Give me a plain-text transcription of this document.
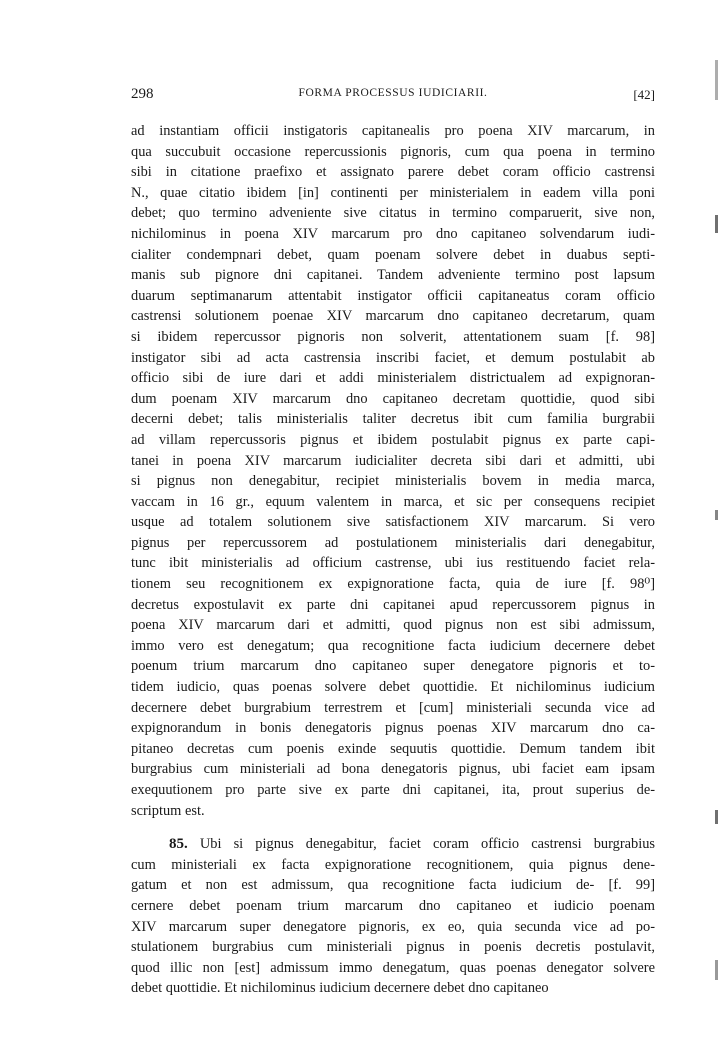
298	FORMA PROCESSUS IUDICIARII.	[42]
ad instantiam officii instigatoris capitanealis pro poena XIV marcarum, in
qua succubuit occasione repercussionis pignoris, cum qua poena in termino
sibi in citatione praefixo et assignato parere debet coram officio castrensi
N., quae citatio ibidem [in] continenti per ministerialem in eadem villa poni
debet; quo termino adveniente sive citatus in termino comparuerit, sive non,
nichilominus in poena XIV marcarum pro dno capitaneo solvendarum iudi-
cialiter condempnari debet, quam poenam solvere debet in duabus septi-
manis sub pignore dni capitanei. Tandem adveniente termino post lapsum
duarum septimanarum attentabit instigator officii capitaneatus coram officio
castrensi solutionem poenae XIV marcarum dno capitaneo decretarum, quam
si ibidem repercussor pignoris non solverit, attentationem suam [f. 98]
instigator sibi ad acta castrensia inscribi faciet, et demum postulabit ab
officio sibi de iure dari et addi ministerialem districtualem ad expignoran-
dum poenam XIV marcarum dno capitaneo decretam quottidie, quod sibi
decerni debet; talis ministerialis taliter decretus ibit cum familia burgrabii
ad villam repercussoris pignus et ibidem postulabit pignus ex parte capi-
tanei in poena XIV marcarum iudicialiter decreta sibi dari et admitti, ubi
si pignus non denegabitur, recipiet ministerialis bovem in media marca,
vaccam in 16 gr., equum valentem in marca, et sic per consequens recipiet
usque ad totalem solutionem sive satisfactionem XIV marcarum. Si vero
pignus per repercussorem ad postulationem ministerialis dari denegabitur,
tunc ibit ministerialis ad officium castrense, ubi ius restituendo faciet rela-
tionem seu recognitionem ex expignoratione facta, quia de iure [f. 98⁰]
decretus expostulavit ex parte dni capitanei apud repercussorem pignus in
poena XIV marcarum dari et admitti, quod pignus non est sibi admissum,
immo vero est denegatum; qua recognitione facta iudicium decernere debet
poenum trium marcarum dno capitaneo super denegatore pignoris et to-
tidem iudicio, quas poenas solvere debet quottidie. Et nichilominus iudicium
decernere debet burgrabium terrestrem et [cum] ministeriali secunda vice ad
expignorandum in bonis denegatoris pignus poenas XIV marcarum dno ca-
pitaneo decretas cum poenis exinde sequutis quottidie. Demum tandem ibit
burgrabius cum ministeriali ad bona denegatoris pignus, ubi faciet eam ipsam
exequutionem pro parte sive ex parte dni capitanei, ita, prout superius de-
scriptum est.
85. Ubi si pignus denegabitur, faciet coram officio castrensi burgrabius
cum ministeriali ex facta expignoratione recognitionem, quia pignus dene-
gatum et non est admissum, qua recognitione facta iudicium de- [f. 99]
cernere debet poenam trium marcarum dno capitaneo et iudicio poenam
XIV marcarum super denegatore pignoris, ex eo, quia secunda vice ad po-
stulationem burgrabius cum ministeriali pignus in poenis decretis postulavit,
quod illic non [est] admissum immo denegatum, quas poenas denegator solvere
debet quottidie. Et nichilominus iudicium decernere debet dno capitaneo
